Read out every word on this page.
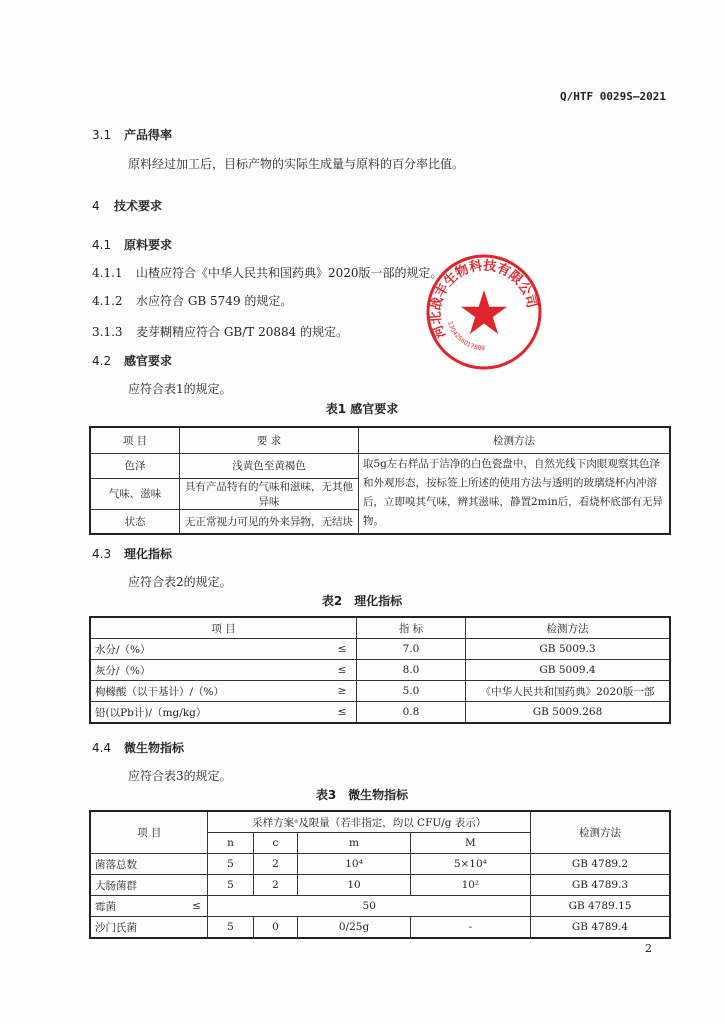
Q/HTF 0029S—2021
3.1 产品得率
原料经过加工后，目标产物的实际生成量与原料的百分率比值。
4 技术要求
4.1 原料要求
4.1.1 山楂应符合《中华人民共和国药典》2020版一部的规定。
4.1.2 水应符合 GB 5749 的规定。
3.1.3 麦芽糊精应符合 GB/T 20884 的规定。
4.2 感官要求
应符合表1的规定。
表1 感官要求
项 目	要 求	检测方法
色泽	浅黄色至黄褐色	取5g左右样品于洁净的白色瓷盘中，自然光线下肉眼观察其色泽和外观形态，按标签上所述的使用方法与透明的玻璃烧杯内冲溶后，立即嗅其气味，辨其滋味，静置2min后，看烧杯底部有无异物。
气味、滋味	具有产品特有的气味和滋味，无其他异味	
状态	无正常视力可见的外来异物，无结块	
4.3 理化指标
应符合表2的规定。
表2　理化指标
项 目		指 标	检测方法
水分/（%）	≤	7.0	GB 5009.3
灰分/（%）	≤	8.0	GB 5009.4
枸橼酸（以干基计）/（%）	≥	5.0	《中华人民共和国药典》2020版一部
铅(以Pb计)/（mg/kg）	≤	0.8	GB 5009.268
4.4 微生物指标
应符合表3的规定。
表3　微生物指标
项 目		采样方案ᵃ及限量（若非指定，均以 CFU/g 表示）				检测方法
		n	c	m	M	
菌落总数		5	2	10⁴	5×10⁴	GB 4789.2
大肠菌群		5	2	10	10²	GB 4789.3
霉菌	≤	50				GB 4789.15
沙门氏菌		5	0	0/25g	-	GB 4789.4
2
河北战丰生物科技有限公司
1304256017809
